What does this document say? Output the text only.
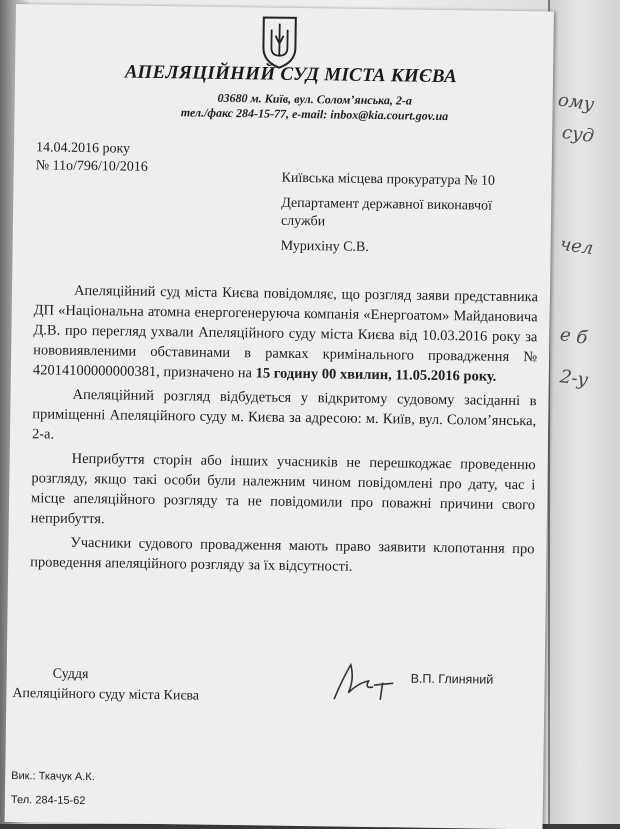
ому
суд
чел
е б
2-у
АПЕЛЯЦІЙНИЙ СУД МІСТА КИЄВА
03680 м. Київ, вул. Солом’янська, 2-а
тел./факс 284-15-77, e-mail: inbox@kia.court.gov.ua
14.04.2016 року
№ 11о/796/10/2016
Київська місцева прокуратура № 10
Департамент державної виконавчої служби
Мурихіну С.В.

Апеляційний суд міста Києва повідомляє, що розгляд заяви представника ДП «Національна атомна енергогенеруюча компанія «Енергоатом» Майдановича Д.В. про перегляд ухвали Апеляційного суду міста Києва від 10.03.2016 року за нововиявленими обставинами в рамках кримінального провадження № 42014100000000381, призначено на 15 годину 00 хвилин, 11.05.2016 року.

Апеляційний розгляд відбудеться у відкритому судовому засіданні в приміщенні Апеляційного суду м. Києва за адресою: м. Київ, вул. Солом’янська, 2-а.

Неприбуття сторін або інших учасників не перешкоджає проведенню розгляду, якщо такі особи були належним чином повідомлені про дату, час і місце апеляційного розгляду та не повідомили про поважні причини свого неприбуття.

Учасники судового провадження мають право заявити клопотання про проведення апеляційного розгляду за їх відсутності.

Суддя
Апеляційного суду міста Києва
В.П. Глиняний
Вик.: Ткачук А.К.
Тел. 284-15-62
